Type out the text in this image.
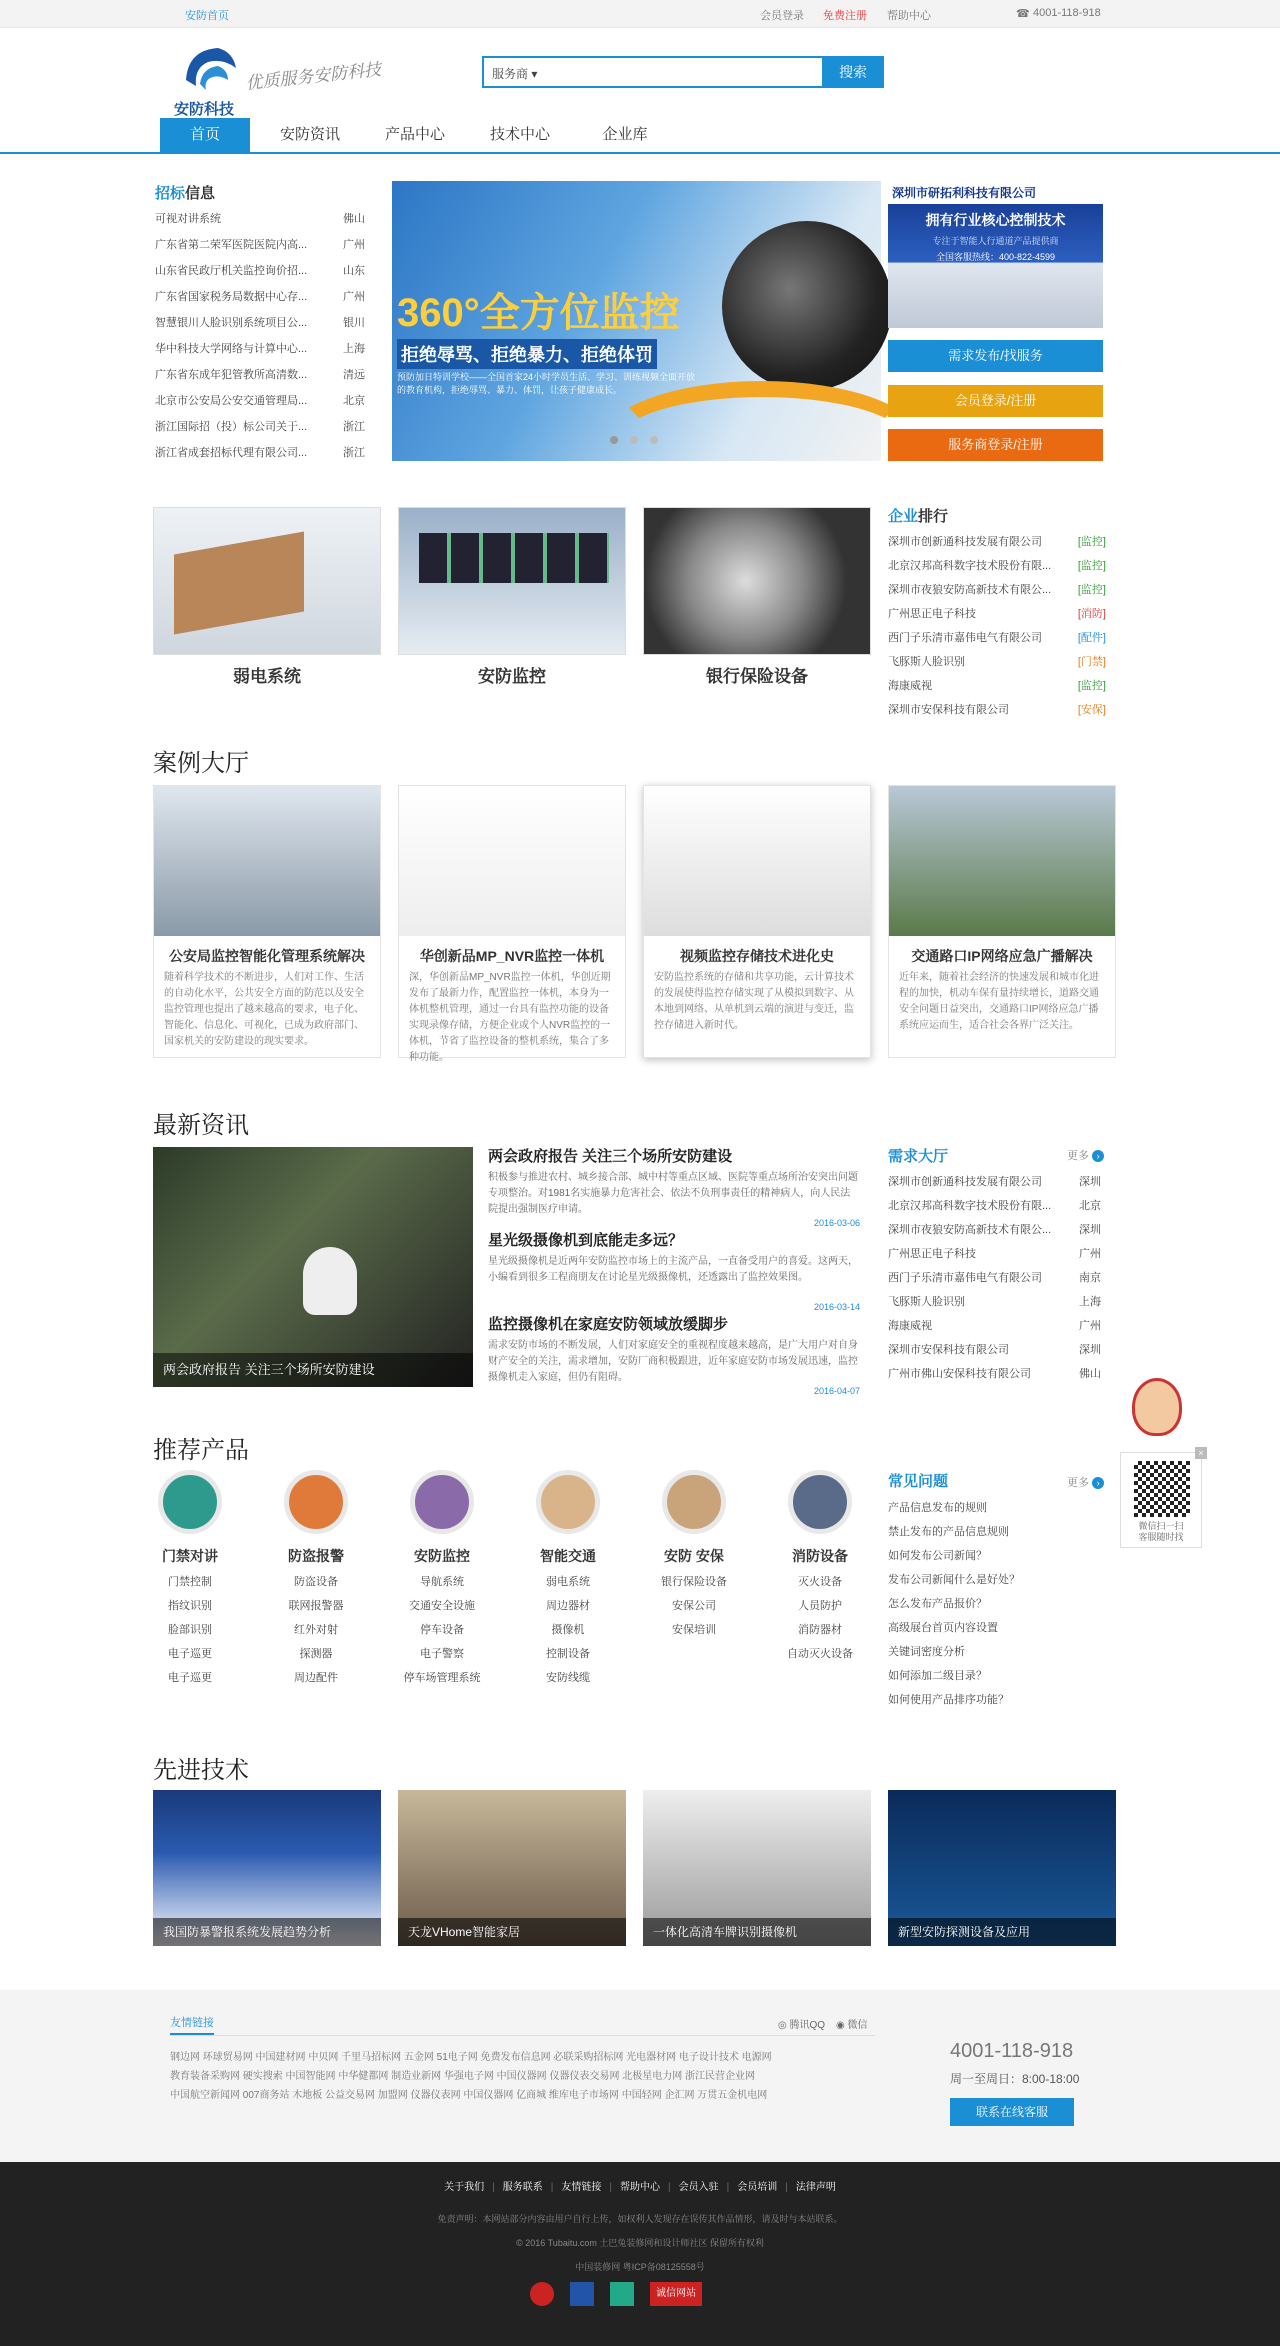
安防首页	会员登录 免费注册 帮助中心	☎ 4001-118-918
安防科技
优质服务安防科技	服务商 ▾	搜索
首页	安防资讯	产品中心	技术中心	企业库
招标信息
可视对讲系统	佛山
广东省第二荣军医院医院内高...	广州
山东省民政厅机关监控询价招...	山东
广东省国家税务局数据中心存...	广州
智慧银川人脸识别系统项目公...	银川
华中科技大学网络与计算中心...	上海
广东省东成年犯管教所高清数...	清远
北京市公安局公安交通管理局...	北京
浙江国际招（投）标公司关于...	浙江
浙江省成套招标代理有限公司...	浙江
360°全方位监控
拒绝辱骂、拒绝暴力、拒绝体罚
预防加日特训学校——全国首家24小时学员生活、学习、训练视频全面开放的教育机构，拒绝辱骂、暴力、体罚，让孩子健康成长。
深圳市研拓利科技有限公司
拥有行业核心控制技术
专注于智能人行通道产品提供商
全国客服热线：400-822-4599
需求发布/找服务
会员登录/注册
服务商登录/注册
弱电系统	安防监控	银行保险设备
企业排行
深圳市创新通科技发展有限公司	[监控]
北京汉邦高科数字技术股份有限... [监控]
深圳市夜狼安防高新技术有限公... [监控]
广州思正电子科技	[消防]
西门子乐清市嘉伟电气有限公司	[配件]
飞豚斯人脸识别	[门禁]
海康威视	[监控]
深圳市安保科技有限公司	[安保]
案例大厅
公安局监控智能化管理系统解决
随着科学技术的不断进步，人们对工作、生活的自动化水平，公共安全方面的防范以及安全监控管理也提出了越来越高的要求，电子化、智能化、信息化、可视化，已成为政府部门、国家机关的安防建设的现实要求。
华创新品MP_NVR监控一体机
深，华创新品MP_NVR监控一体机，华创近期发布了最新力作，配置监控一体机，本身为一体机整机管理，通过一台具有监控功能的设备实现录像存储，方便企业或个人NVR监控的一体机，节省了监控设备的整机系统，集合了多种功能。
视频监控存储技术进化史
安防监控系统的存储和共享功能，云计算技术的发展使得监控存储实现了从模拟到数字、从本地到网络、从单机到云端的演进与变迁，监控存储进入新时代。
交通路口IP网络应急广播解决
近年来，随着社会经济的快速发展和城市化进程的加快，机动车保有量持续增长，道路交通安全问题日益突出，交通路口IP网络应急广播系统应运而生，适合社会各界广泛关注。
最新资讯
两会政府报告 关注三个场所安防建设
两会政府报告 关注三个场所安防建设
积极参与推进农村、城乡接合部、城中村等重点区域、医院等重点场所治安突出问题专项整治。对1981名实施暴力危害社会、依法不负刑事责任的精神病人，向人民法院提出强制医疗申请。
2016-03-06
星光级摄像机到底能走多远？
星光级摄像机是近两年安防监控市场上的主流产品，一直备受用户的喜爱。这两天，小编看到很多工程商朋友在讨论星光级摄像机，还透露出了监控效果图。
2016-03-14
监控摄像机在家庭安防领域放缓脚步
需求安防市场的不断发展，人们对家庭安全的重视程度越来越高，是广大用户对自身财产安全的关注，需求增加，安防厂商积极跟进，近年家庭安防市场发展迅速，监控摄像机走入家庭，但仍有阻碍。
2016-04-07
需求大厅	更多 ›
深圳市创新通科技发展有限公司	深圳
北京汉邦高科数字技术股份有限...	北京
深圳市夜狼安防高新技术有限公...	深圳
广州思正电子科技	广州
西门子乐清市嘉伟电气有限公司	南京
飞豚斯人脸识别	上海
海康威视	广州
深圳市安保科技有限公司	深圳
广州市佛山安保科技有限公司	佛山
推荐产品
门禁对讲
门禁控制
指纹识别
脸部识别
电子巡更
电子巡更
防盗报警
防盗设备
联网报警器
红外对射
探测器
周边配件
安防监控
导航系统
交通安全设施
停车设备
电子警察
停车场管理系统
智能交通
弱电系统
周边器材
摄像机
控制设备
安防线缆
安防 安保
银行保险设备
安保公司
安保培训
消防设备
灭火设备
人员防护
消防器材
自动灭火设备
常见问题	更多 ›
产品信息发布的规则
禁止发布的产品信息规则
如何发布公司新闻？
发布公司新闻什么是好处？
怎么发布产品报价？
高级展台首页内容设置
关键词密度分析
如何添加二级目录？
如何使用产品排序功能？
先进技术
我国防暴警报系统发展趋势分析	天龙VHome智能家居	一体化高清车牌识别摄像机	新型安防探测设备及应用
微信扫一扫
客服随时找
×
友情链接	◎ 腾讯QQ ◉ 微信
钢边网 环球贸易网 中国建材网 中贝网 千里马招标网 五金网 51电子网 免费发布信息网 必联采购招标网 光电器材网 电子设计技术 电源网
教育装备采购网 硬实搜索 中国智能网 中华健都网 制造业新网 华强电子网 中国仪器网 仪器仪表交易网 北极星电力网 浙江民营企业网
中国航空新闻网 007商务站 木地板 公益交易网 加盟网 仪器仪表网 中国仪器网 亿商城 维库电子市场网 中国轻网 企汇网 万贯五金机电网
4001-118-918
周一至周日：8:00-18:00
联系在线客服
关于我们 | 服务联系 | 友情链接 | 帮助中心 | 会员入驻 | 会员培训 | 法律声明
免责声明：本网站部分内容由用户自行上传，如权利人发现存在误传其作品情形，请及时与本站联系。
© 2016 Tubaitu.com 土巴兔装修网和设计师社区 保留所有权利
中国装修网 粤ICP备08125558号
诚信网站
